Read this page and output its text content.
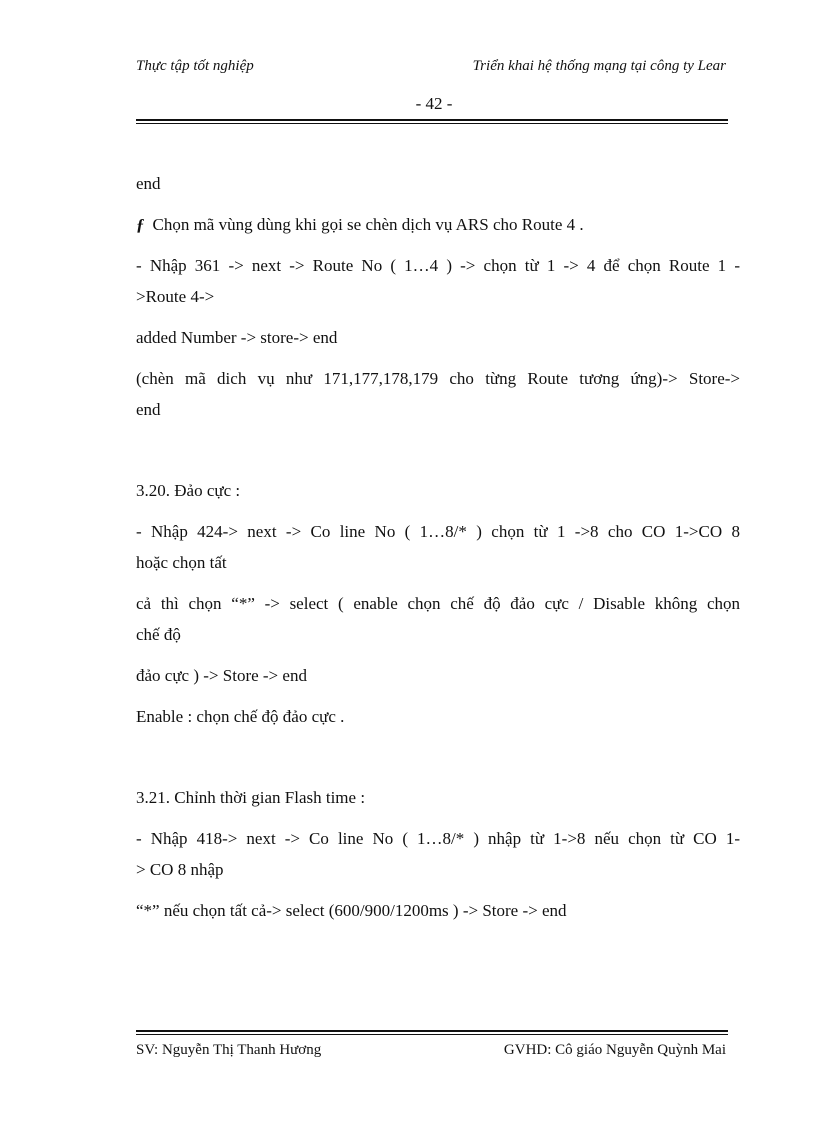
Thực tập tốt nghiệp	Triển khai hệ thống mạng tại công ty Lear
- 42 -

end

ƒ Chọn mã vùng dùng khi gọi se chèn dịch vụ ARS cho Route 4 .

- Nhập 361 -> next -> Route No ( 1…4 ) -> chọn từ 1 -> 4 để chọn Route 1 -

>Route 4->

added Number -> store-> end

(chèn mã dich vụ như 171,177,178,179 cho từng Route tương ứng)-> Store->

end

3.20. Đảo cực :

- Nhập 424-> next -> Co line No ( 1…8/* ) chọn từ 1 ->8 cho CO 1->CO 8

hoặc chọn tất

cả thì chọn “*” -> select ( enable chọn chế độ đảo cực / Disable không chọn

chế độ

đảo cực ) -> Store -> end

Enable : chọn chế độ đảo cực .

3.21. Chỉnh thời gian Flash time :

- Nhập 418-> next -> Co line No ( 1…8/* ) nhập từ 1->8 nếu chọn từ CO 1-

> CO 8 nhập

“*” nếu chọn tất cả-> select (600/900/1200ms ) -> Store -> end

SV: Nguyễn Thị Thanh Hương	GVHD: Cô giáo Nguyễn Quỳnh Mai
